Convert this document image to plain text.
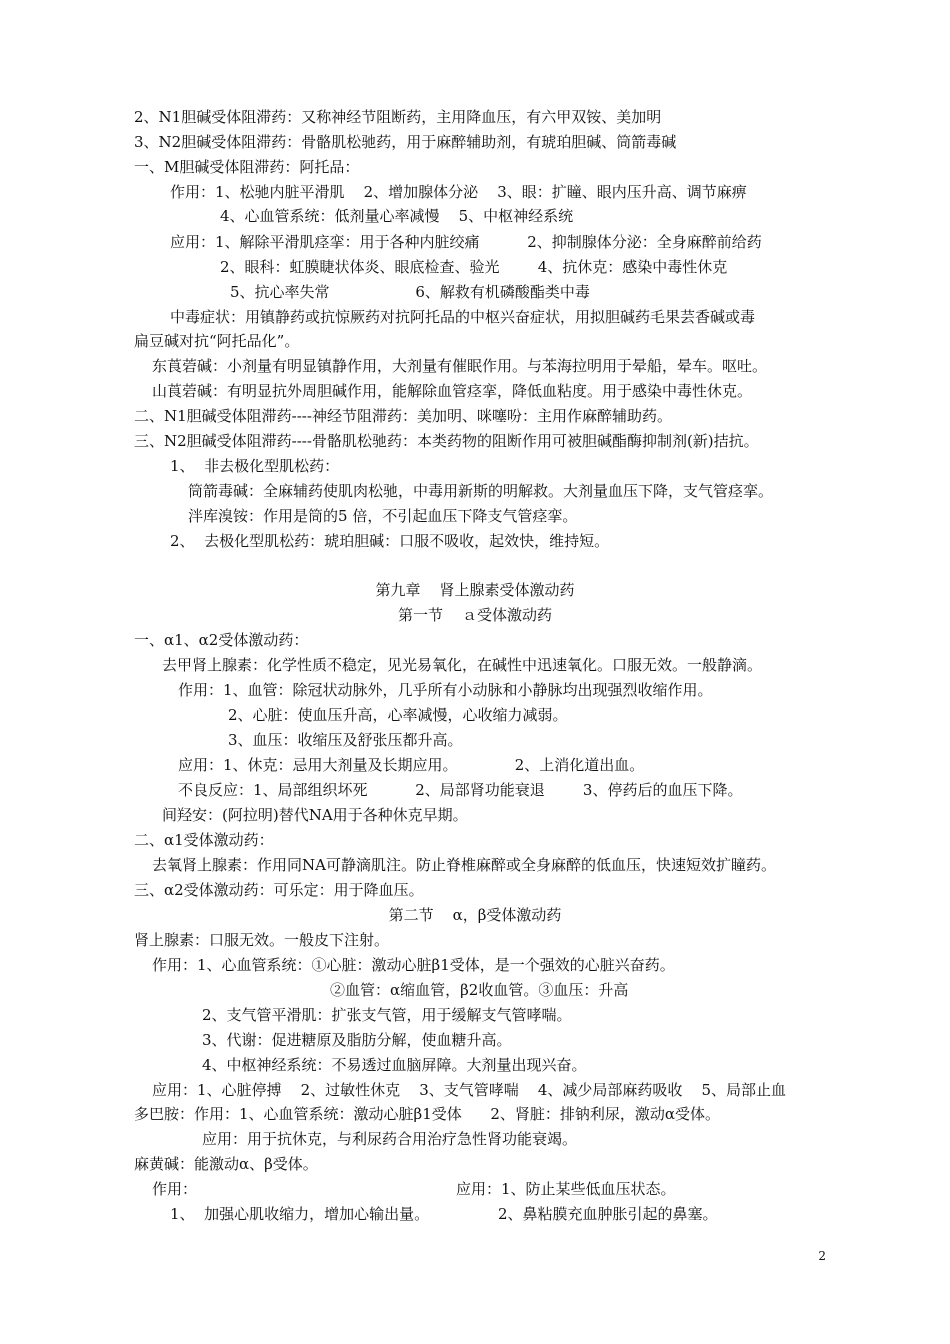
2、N1胆碱受体阻滞药：又称神经节阻断药，主用降血压，有六甲双铵、美加明
3、N2胆碱受体阻滞药：骨骼肌松驰药，用于麻醉辅助剂，有琥珀胆碱、筒箭毒碱
一、M胆碱受体阻滞药：阿托品：
作用：1、松驰内脏平滑肌    2、增加腺体分泌    3、眼：扩瞳、眼内压升高、调节麻痹
4、心血管系统：低剂量心率减慢    5、中枢神经系统
应用：1、解除平滑肌痉挛：用于各种内脏绞痛          2、抑制腺体分泌：全身麻醉前给药
2、眼科：虹膜睫状体炎、眼底检查、验光        4、抗休克：感染中毒性休克
5、抗心率失常                  6、解救有机磷酸酯类中毒
中毒症状：用镇静药或抗惊厥药对抗阿托品的中枢兴奋症状，用拟胆碱药毛果芸香碱或毒
扁豆碱对抗“阿托品化”。
东莨菪碱：小剂量有明显镇静作用，大剂量有催眠作用。与苯海拉明用于晕船，晕车。呕吐。
山莨菪碱：有明显抗外周胆碱作用，能解除血管痉挛，降低血粘度。用于感染中毒性休克。
二、N1胆碱受体阻滞药----神经节阻滞药：美加明、咪噻吩：主用作麻醉辅助药。
三、N2胆碱受体阻滞药----骨骼肌松驰药：本类药物的阻断作用可被胆碱酯酶抑制剂(新)拮抗。
1、  非去极化型肌松药：
筒箭毒碱：全麻辅药使肌肉松驰，中毒用新斯的明解救。大剂量血压下降，支气管痉挛。
泮库溴铵：作用是筒的5 倍，不引起血压下降支气管痉挛。
2、  去极化型肌松药：琥珀胆碱：口服不吸收，起效快，维持短。
第九章    肾上腺素受体激动药
第一节    ａ受体激动药
一、α1、α2受体激动药：
去甲肾上腺素：化学性质不稳定，见光易氧化，在碱性中迅速氧化。口服无效。一般静滴。
作用：1、血管：除冠状动脉外，几乎所有小动脉和小静脉均出现强烈收缩作用。
2、心脏：使血压升高，心率减慢，心收缩力减弱。
3、血压：收缩压及舒张压都升高。
应用：1、休克：忌用大剂量及长期应用。            2、上消化道出血。
不良反应：1、局部组织坏死          2、局部肾功能衰退        3、停药后的血压下降。
间羟安：(阿拉明)替代NA用于各种休克早期。
二、α1受体激动药：
去氧肾上腺素：作用同NA可静滴肌注。防止脊椎麻醉或全身麻醉的低血压，快速短效扩瞳药。
三、α2受体激动药：可乐定：用于降血压。
第二节    α，β受体激动药
肾上腺素：口服无效。一般皮下注射。
作用：1、心血管系统：①心脏：激动心脏β1受体，是一个强效的心脏兴奋药。
②血管：α缩血管，β2收血管。③血压：升高
2、支气管平滑肌：扩张支气管，用于缓解支气管哮喘。
3、代谢：促进糖原及脂肪分解，使血糖升高。
4、中枢神经系统：不易透过血脑屏障。大剂量出现兴奋。
应用：1、心脏停搏    2、过敏性休克    3、支气管哮喘    4、减少局部麻药吸收    5、局部止血
多巴胺：作用：1、心血管系统：激动心脏β1受体      2、肾脏：排钠利尿，激动α受体。
应用：用于抗休克，与利尿药合用治疗急性肾功能衰竭。
麻黄碱：能激动α、β受体。
作用：	应用：1、防止某些低血压状态。
1、  加强心肌收缩力，增加心输出量。	2、鼻粘膜充血肿胀引起的鼻塞。
2
